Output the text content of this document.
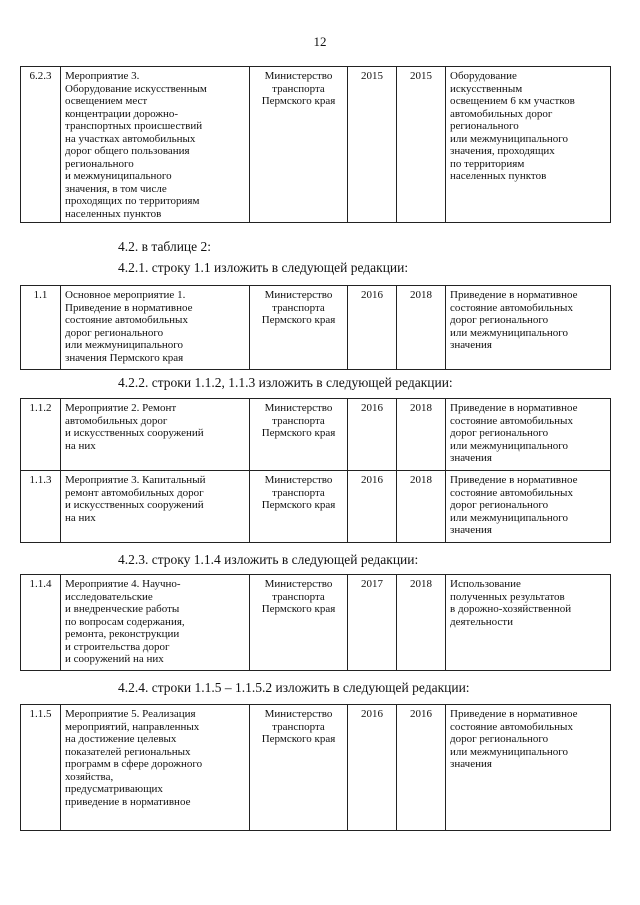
12
6.2.3	Мероприятие 3.
Оборудование искусственным
освещением мест
концентрации дорожно-
транспортных происшествий
на участках автомобильных
дорог общего пользования
регионального
и межмуниципального
значения, в том числе
проходящих по территориям
населенных пунктов	Министерство
транспорта
Пермского края	2015	2015	Оборудование
искусственным
освещением 6 км участков
автомобильных дорог
регионального
или межмуниципального
значения, проходящих
по территориям
населенных пунктов
4.2. в таблице 2:
4.2.1. строку 1.1 изложить в следующей редакции:
1.1	Основное мероприятие 1.
Приведение в нормативное
состояние автомобильных
дорог регионального
или межмуниципального
значения Пермского края	Министерство
транспорта
Пермского края	2016	2018	Приведение в нормативное
состояние автомобильных
дорог регионального
или межмуниципального
значения
4.2.2. строки 1.1.2, 1.1.3 изложить в следующей редакции:
1.1.2	Мероприятие 2. Ремонт
автомобильных дорог
и искусственных сооружений
на них	Министерство
транспорта
Пермского края	2016	2018	Приведение в нормативное
состояние автомобильных
дорог регионального
или межмуниципального
значения
1.1.3	Мероприятие 3. Капитальный
ремонт автомобильных дорог
и искусственных сооружений
на них	Министерство
транспорта
Пермского края	2016	2018	Приведение в нормативное
состояние автомобильных
дорог регионального
или межмуниципального
значения
4.2.3. строку 1.1.4 изложить в следующей редакции:
1.1.4	Мероприятие 4. Научно-
исследовательские
и внедренческие работы
по вопросам содержания,
ремонта, реконструкции
и строительства дорог
и сооружений на них	Министерство
транспорта
Пермского края	2017	2018	Использование
полученных результатов
в дорожно-хозяйственной
деятельности
4.2.4. строки 1.1.5 – 1.1.5.2 изложить в следующей редакции:
1.1.5	Мероприятие 5. Реализация
мероприятий, направленных
на достижение целевых
показателей региональных
программ в сфере дорожного
хозяйства,
предусматривающих
приведение в нормативное	Министерство
транспорта
Пермского края	2016	2016	Приведение в нормативное
состояние автомобильных
дорог регионального
или межмуниципального
значения
